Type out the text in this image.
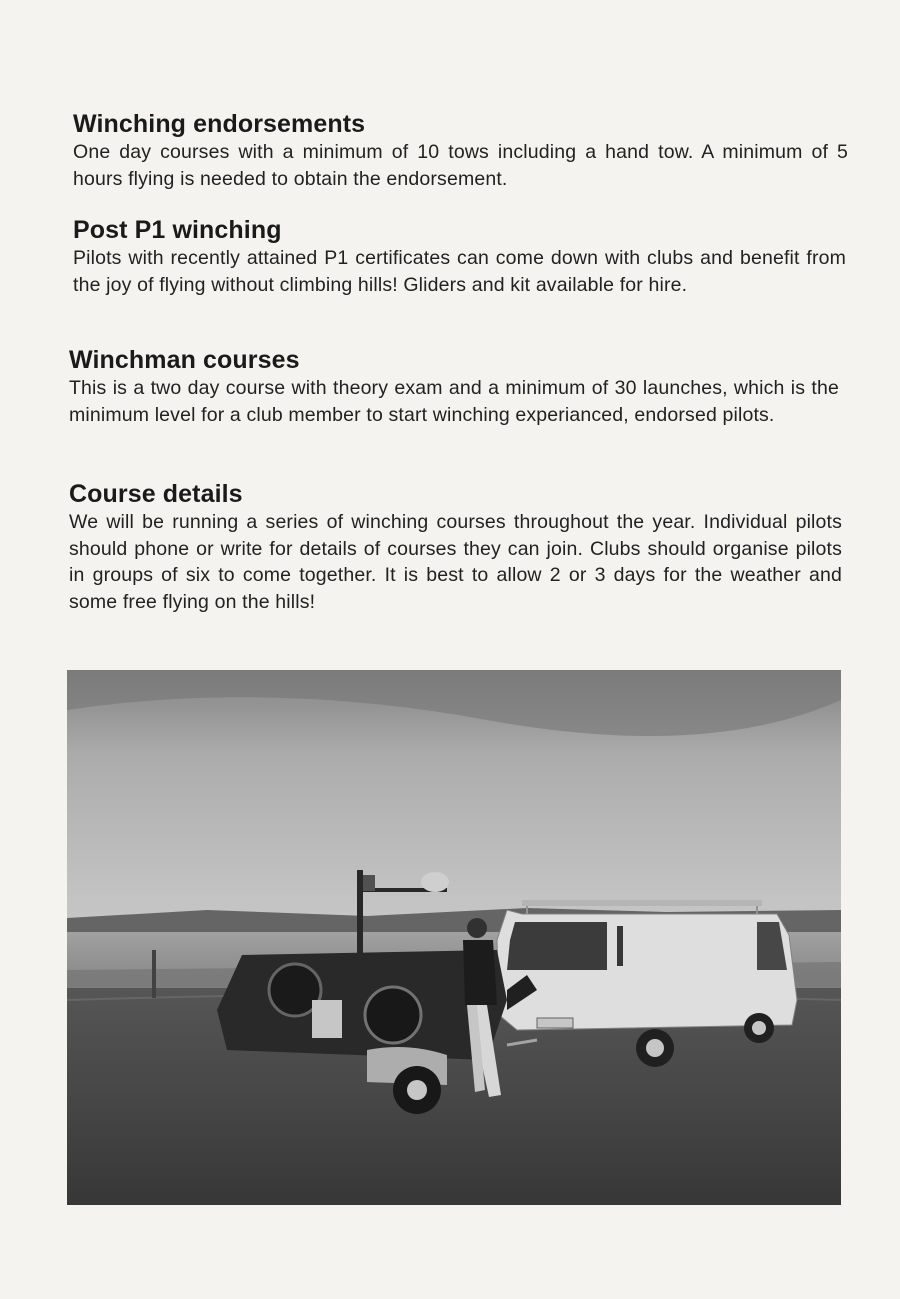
Winching endorsements

One day courses with a minimum of 10 tows including a hand tow. A minimum of 5 hours flying is needed to obtain the endorsement.

Post P1 winching

Pilots with recently attained P1 certificates can come down with clubs and benefit from the joy of flying without climbing hills! Gliders and kit available for hire.

Winchman courses

This is a two day course with theory exam and a minimum of 30 launches, which is the minimum level for a club member to start winching experianced, endorsed pilots.

Course details

We will be running a series of winching courses throughout the year. Individual pilots should phone or write for details of courses they can join. Clubs should organise pilots in groups of six to come together. It is best to allow 2 or 3 days for the weather and some free flying on the hills!
